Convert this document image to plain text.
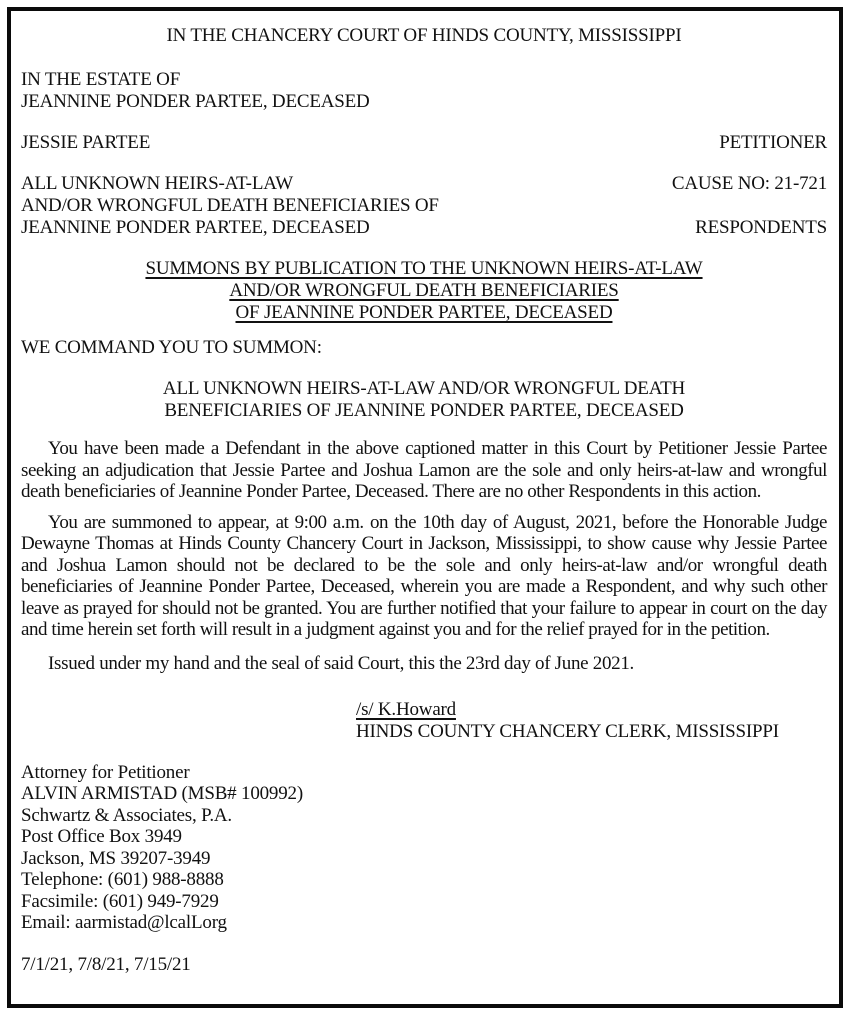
IN THE CHANCERY COURT OF HINDS COUNTY, MISSISSIPPI
IN THE ESTATE OF
JEANNINE PONDER PARTEE, DECEASED
JESSIE PARTEE	PETITIONER
ALL UNKNOWN HEIRS-AT-LAW
AND/OR WRONGFUL DEATH BENEFICIARIES OF
JEANNINE PONDER PARTEE, DECEASED
CAUSE NO: 21-721
RESPONDENTS
SUMMONS BY PUBLICATION TO THE UNKNOWN HEIRS-AT-LAW
AND/OR WRONGFUL DEATH BENEFICIARIES
OF JEANNINE PONDER PARTEE, DECEASED
WE COMMAND YOU TO SUMMON:
ALL UNKNOWN HEIRS-AT-LAW AND/OR WRONGFUL DEATH
BENEFICIARIES OF JEANNINE PONDER PARTEE, DECEASED
You have been made a Defendant in the above captioned matter in this Court by Petitioner Jessie Partee seeking an adjudication that Jessie Partee and Joshua Lamon are the sole and only heirs-at-law and wrongful death beneficiaries of Jeannine Ponder Partee, Deceased. There are no other Respondents in this action.
You are summoned to appear, at 9:00 a.m. on the 10th day of August, 2021, before the Honorable Judge Dewayne Thomas at Hinds County Chancery Court in Jackson, Mississippi, to show cause why Jessie Partee and Joshua Lamon should not be declared to be the sole and only heirs-at-law and/or wrongful death beneficiaries of Jeannine Ponder Partee, Deceased, wherein you are made a Respondent, and why such other leave as prayed for should not be granted. You are further notified that your failure to appear in court on the day and time herein set forth will result in a judgment against you and for the relief prayed for in the petition.
Issued under my hand and the seal of said Court, this the 23rd day of June 2021.
/s/ K.Howard
HINDS COUNTY CHANCERY CLERK, MISSISSIPPI
Attorney for Petitioner
ALVIN ARMISTAD (MSB# 100992)
Schwartz & Associates, P.A.
Post Office Box 3949
Jackson, MS 39207-3949
Telephone: (601) 988-8888
Facsimile: (601) 949-7929
Email: aarmistad@lcalLorg
7/1/21, 7/8/21, 7/15/21
